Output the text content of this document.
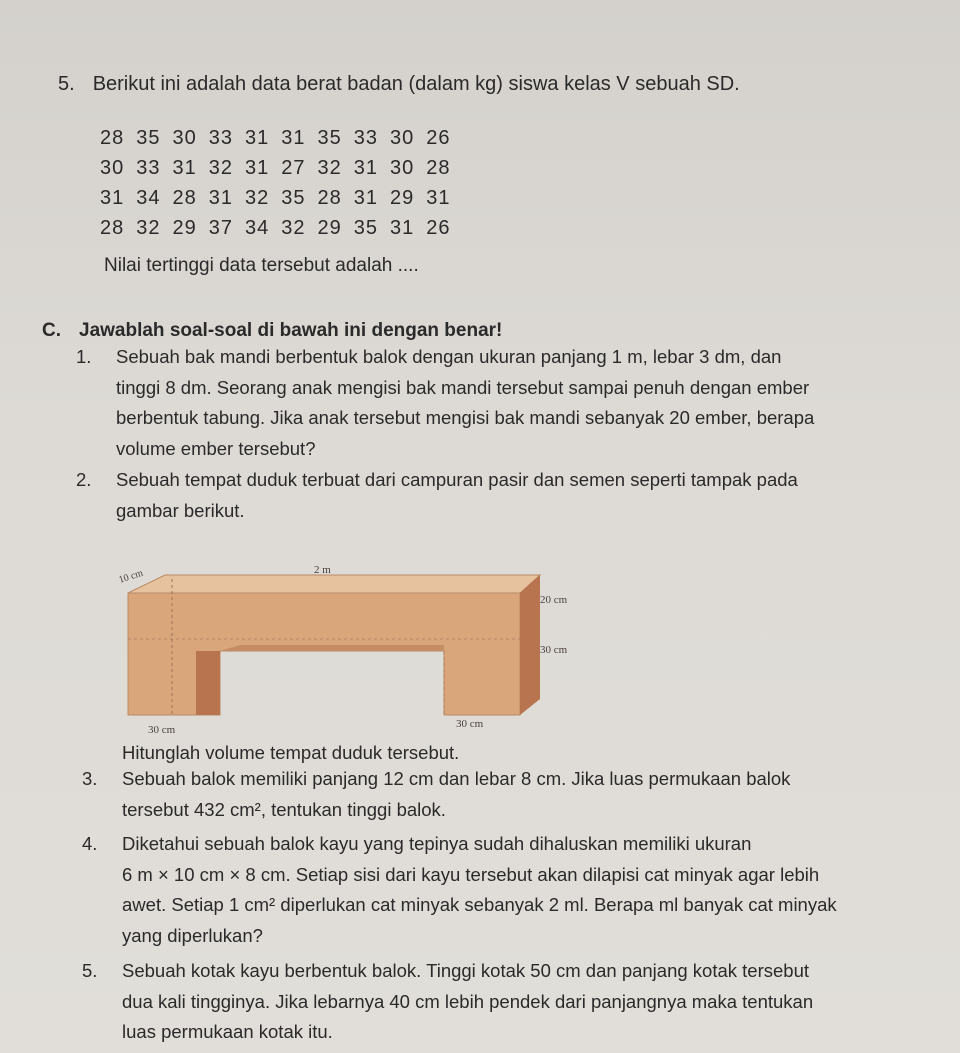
5. Berikut ini adalah data berat badan (dalam kg) siswa kelas V sebuah SD.
28 35 30 33 31 31 35 33 30 26
30 33 31 32 31 27 32 31 30 28
31 34 28 31 32 35 28 31 29 31
28 32 29 37 34 32 29 35 31 26
Nilai tertinggi data tersebut adalah ....
C. Jawablah soal-soal di bawah ini dengan benar!
1. Sebuah bak mandi berbentuk balok dengan ukuran panjang 1 m, lebar 3 dm, dan
tinggi 8 dm. Seorang anak mengisi bak mandi tersebut sampai penuh dengan ember
berbentuk tabung. Jika anak tersebut mengisi bak mandi sebanyak 20 ember, berapa
volume ember tersebut?
2. Sebuah tempat duduk terbuat dari campuran pasir dan semen seperti tampak pada
gambar berikut.
10 cm	2 m
20 cm
30 cm
30 cm	30 cm
Hitunglah volume tempat duduk tersebut.
3. Sebuah balok memiliki panjang 12 cm dan lebar 8 cm. Jika luas permukaan balok
tersebut 432 cm², tentukan tinggi balok.
4. Diketahui sebuah balok kayu yang tepinya sudah dihaluskan memiliki ukuran
6 m × 10 cm × 8 cm. Setiap sisi dari kayu tersebut akan dilapisi cat minyak agar lebih
awet. Setiap 1 cm² diperlukan cat minyak sebanyak 2 ml. Berapa ml banyak cat minyak
yang diperlukan?
5. Sebuah kotak kayu berbentuk balok. Tinggi kotak 50 cm dan panjang kotak tersebut
dua kali tingginya. Jika lebarnya 40 cm lebih pendek dari panjangnya maka tentukan
luas permukaan kotak itu.
